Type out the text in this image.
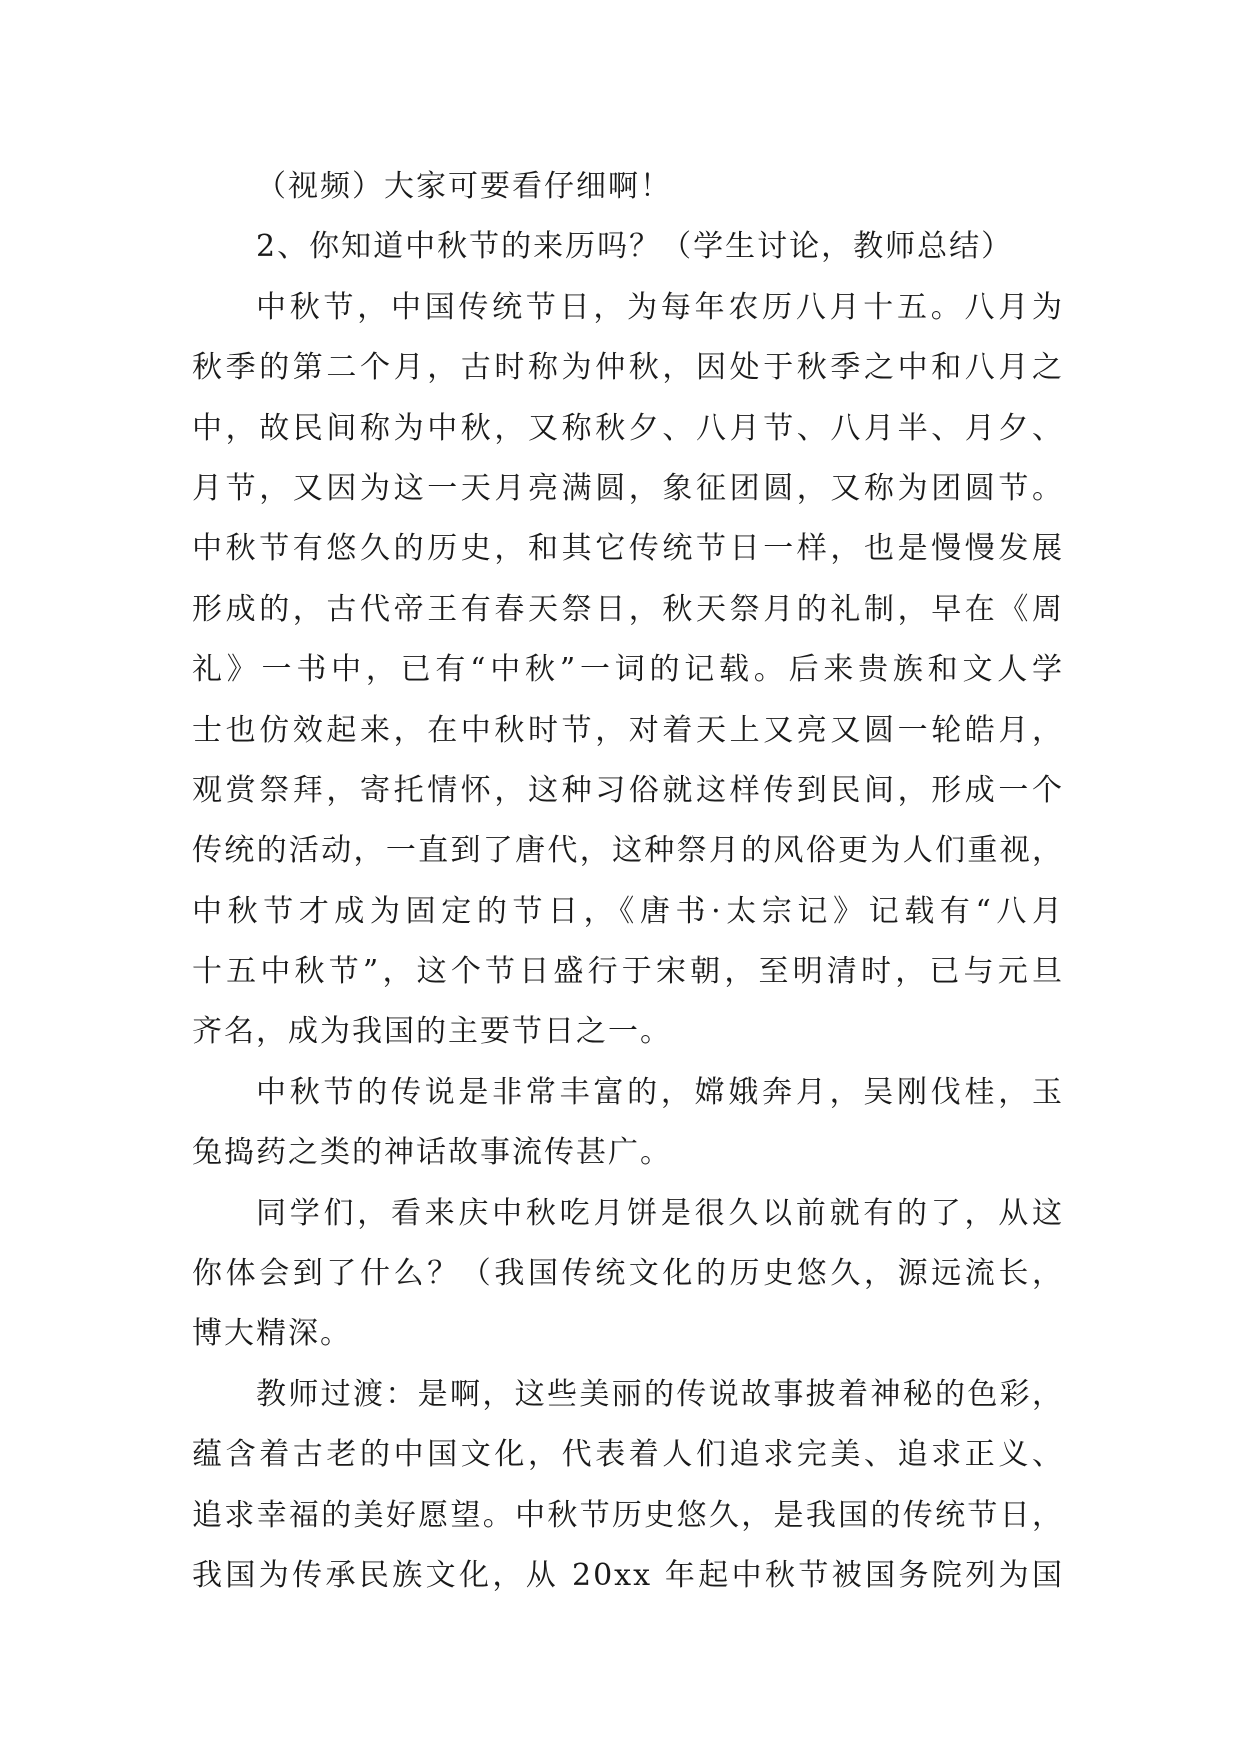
（视频）大家可要看仔细啊！
2、你知道中秋节的来历吗？（学生讨论，教师总结）
中秋节，中国传统节日，为每年农历八月十五。八月为
秋季的第二个月，古时称为仲秋，因处于秋季之中和八月之
中，故民间称为中秋，又称秋夕、八月节、八月半、月夕、
月节，又因为这一天月亮满圆，象征团圆，又称为团圆节。
中秋节有悠久的历史，和其它传统节日一样，也是慢慢发展
形成的，古代帝王有春天祭日，秋天祭月的礼制，早在《周
礼》一书中，已有“中秋”一词的记载。后来贵族和文人学
士也仿效起来，在中秋时节，对着天上又亮又圆一轮皓月，
观赏祭拜，寄托情怀，这种习俗就这样传到民间，形成一个
传统的活动，一直到了唐代，这种祭月的风俗更为人们重视，
中秋节才成为固定的节日，《唐书·太宗记》记载有“八月
十五中秋节”，这个节日盛行于宋朝，至明清时，已与元旦
齐名，成为我国的主要节日之一。
中秋节的传说是非常丰富的，嫦娥奔月，吴刚伐桂，玉
兔捣药之类的神话故事流传甚广。
同学们，看来庆中秋吃月饼是很久以前就有的了，从这
你体会到了什么？（我国传统文化的历史悠久，源远流长，
博大精深。
教师过渡：是啊，这些美丽的传说故事披着神秘的色彩，
蕴含着古老的中国文化，代表着人们追求完美、追求正义、
追求幸福的美好愿望。中秋节历史悠久，是我国的传统节日，
我国为传承民族文化，从 20xx 年起中秋节被国务院列为国
